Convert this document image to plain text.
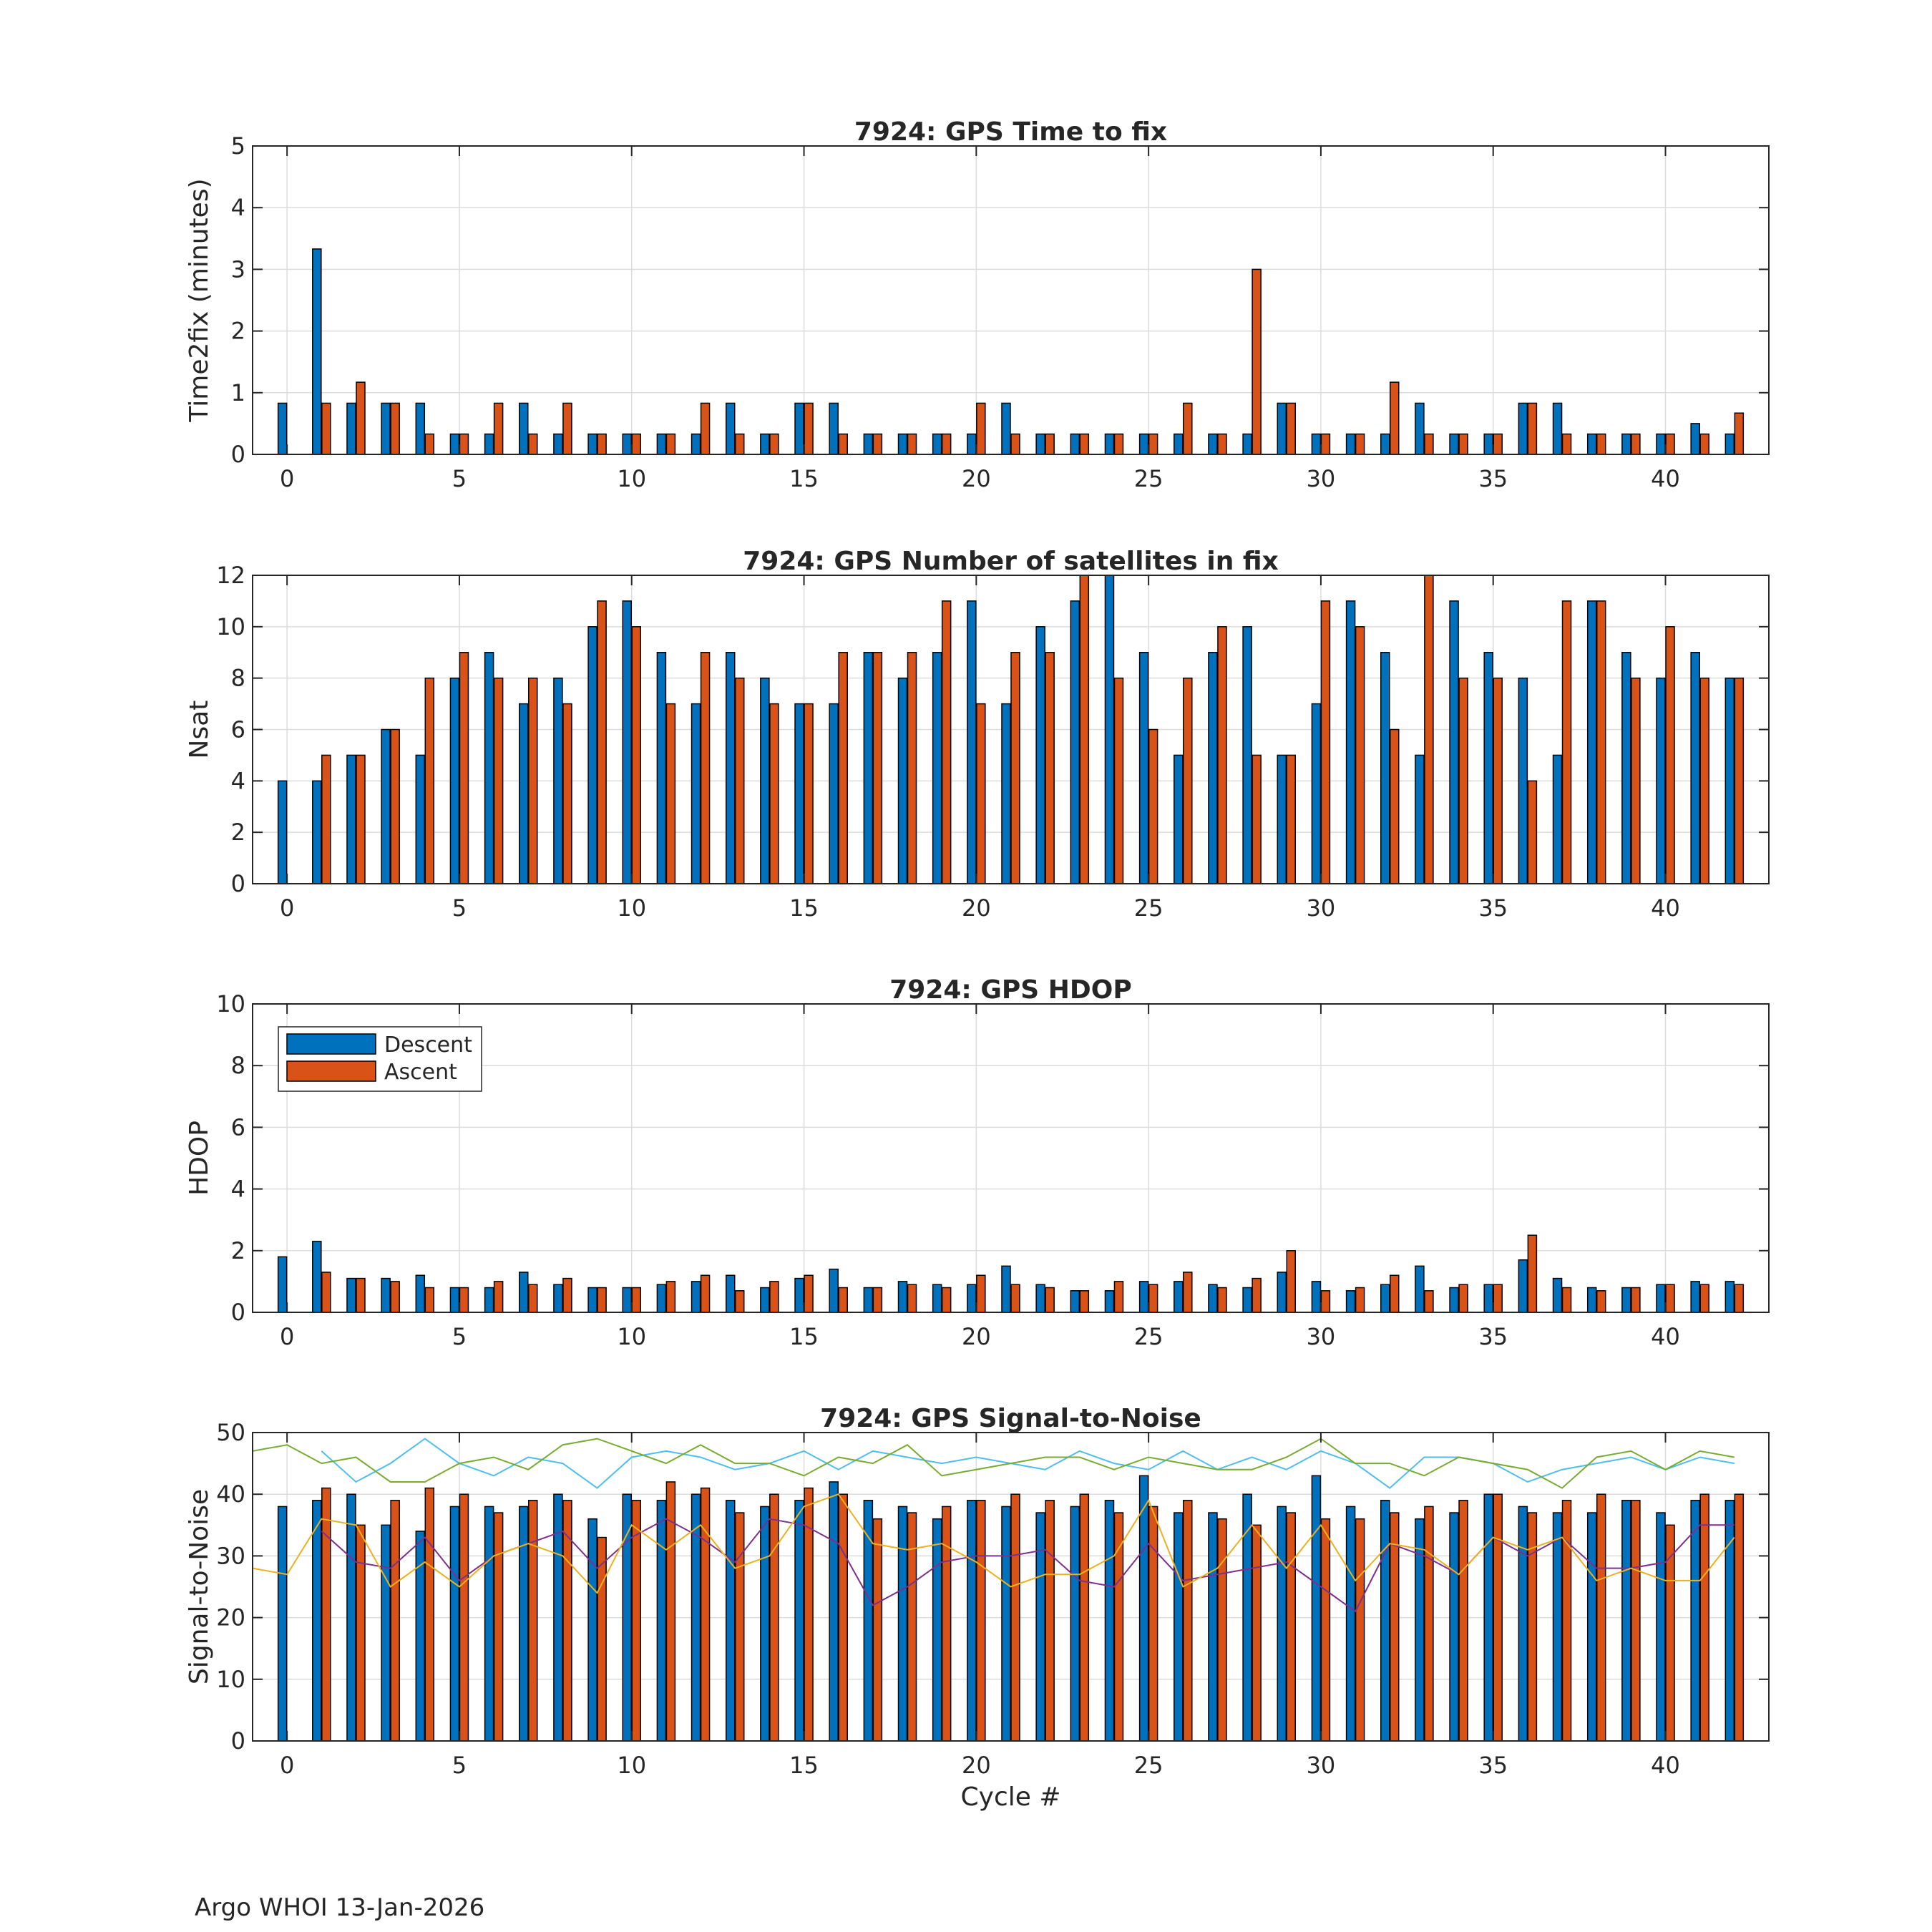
0	5	10	15	20	25	30	35	40
0
1
2
3
4
5	7924: GPS Time to fix
Time2fix (minutes)
0	5	10	15	20	25	30	35	40
0
2
4
6
8
10
12	7924: GPS Number of satellites in fix
Nsat
0	5	10	15	20	25	30	35	40
0
2
4
6
8
10	7924: GPS HDOP
HDOP
Descent
Ascent
0	5	10	15	20	25	30	35	40
0
10
20
30
40
50	7924: GPS Signal-to-Noise
Signal-to-Noise
Cycle #
Argo WHOI 13-Jan-2026
